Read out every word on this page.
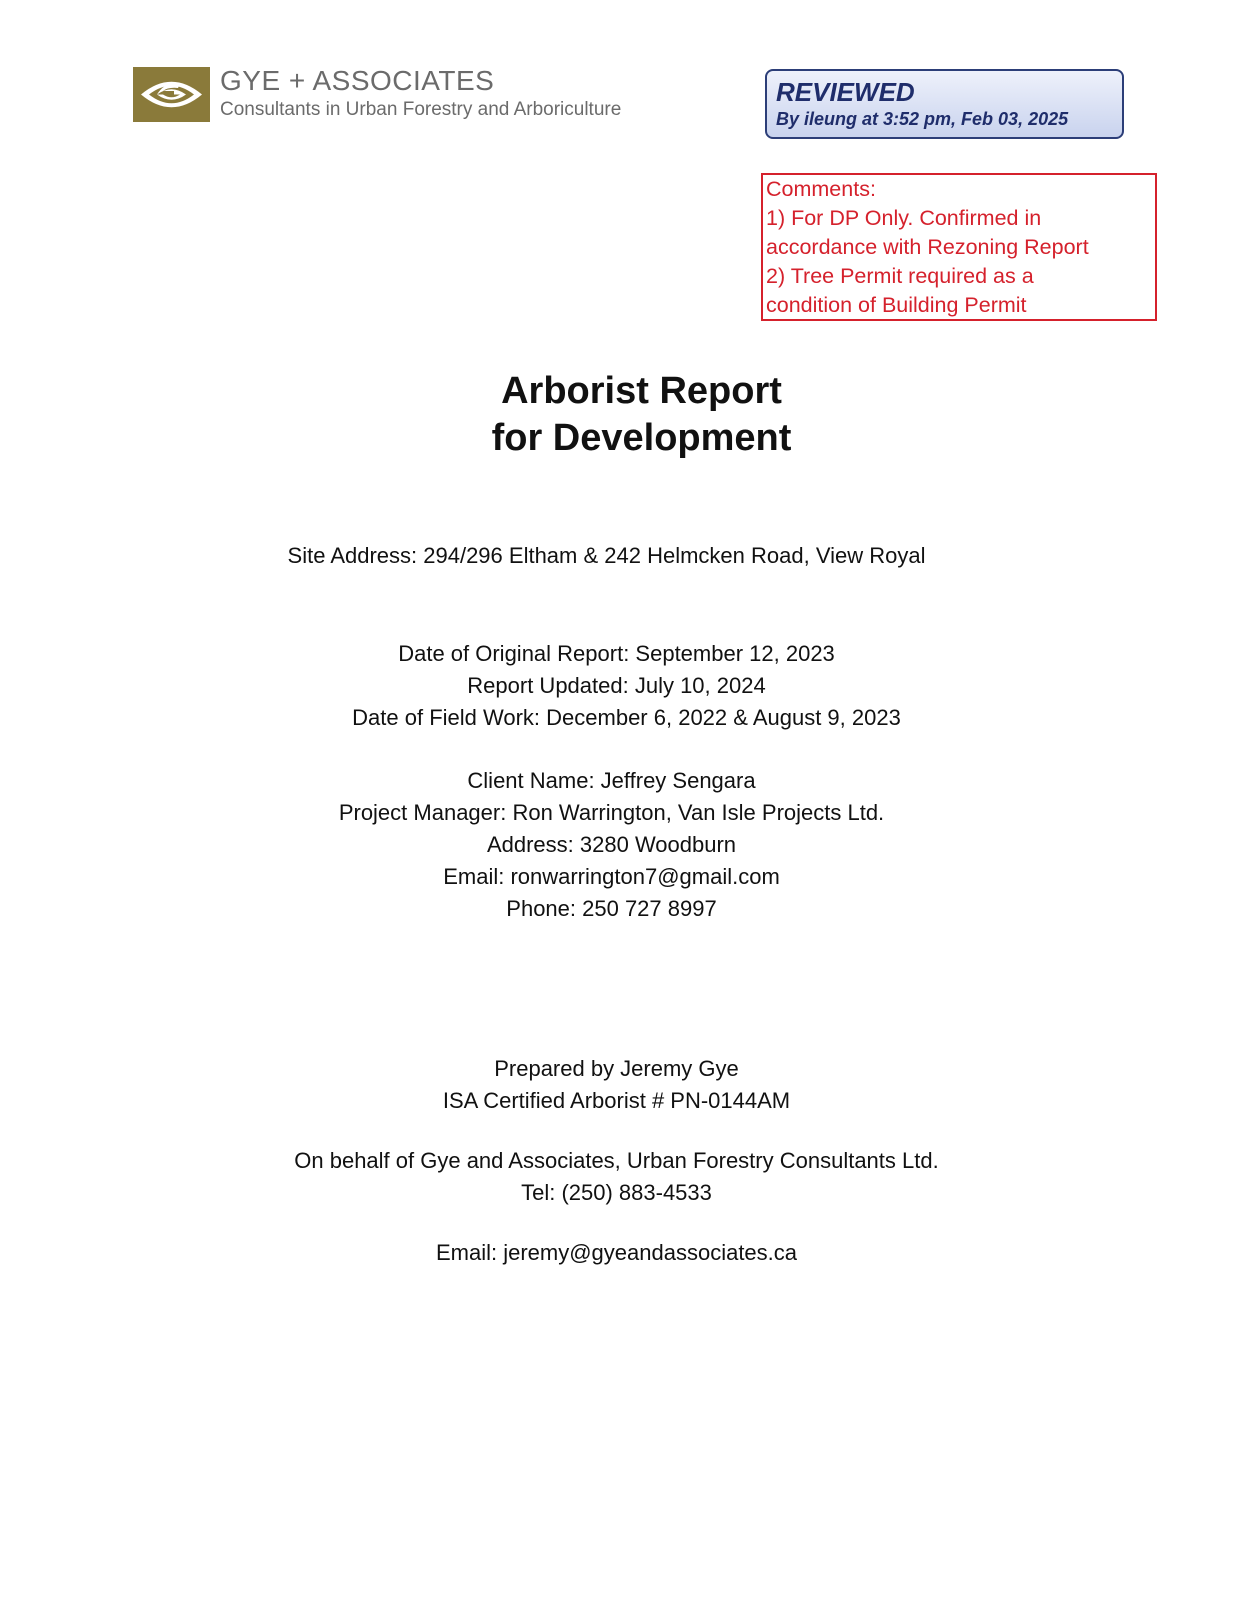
GYE + ASSOCIATES
Consultants in Urban Forestry and Arboriculture
REVIEWED
By ileung at 3:52 pm, Feb 03, 2025
Comments:
1) For DP Only. Confirmed in
accordance with Rezoning Report
2) Tree Permit required as a
condition of Building Permit
Arborist Report
for Development
Site Address: 294/296 Eltham & 242 Helmcken Road, View Royal
Date of Original Report: September 12, 2023
Report Updated: July 10, 2024
Date of Field Work: December 6, 2022 & August 9, 2023
Client Name: Jeffrey Sengara
Project Manager: Ron Warrington, Van Isle Projects Ltd.
Address: 3280 Woodburn
Email: ronwarrington7@gmail.com
Phone: 250 727 8997
Prepared by Jeremy Gye
ISA Certified Arborist # PN-0144AM
On behalf of Gye and Associates, Urban Forestry Consultants Ltd.
Tel: (250) 883-4533
Email: jeremy@gyeandassociates.ca
